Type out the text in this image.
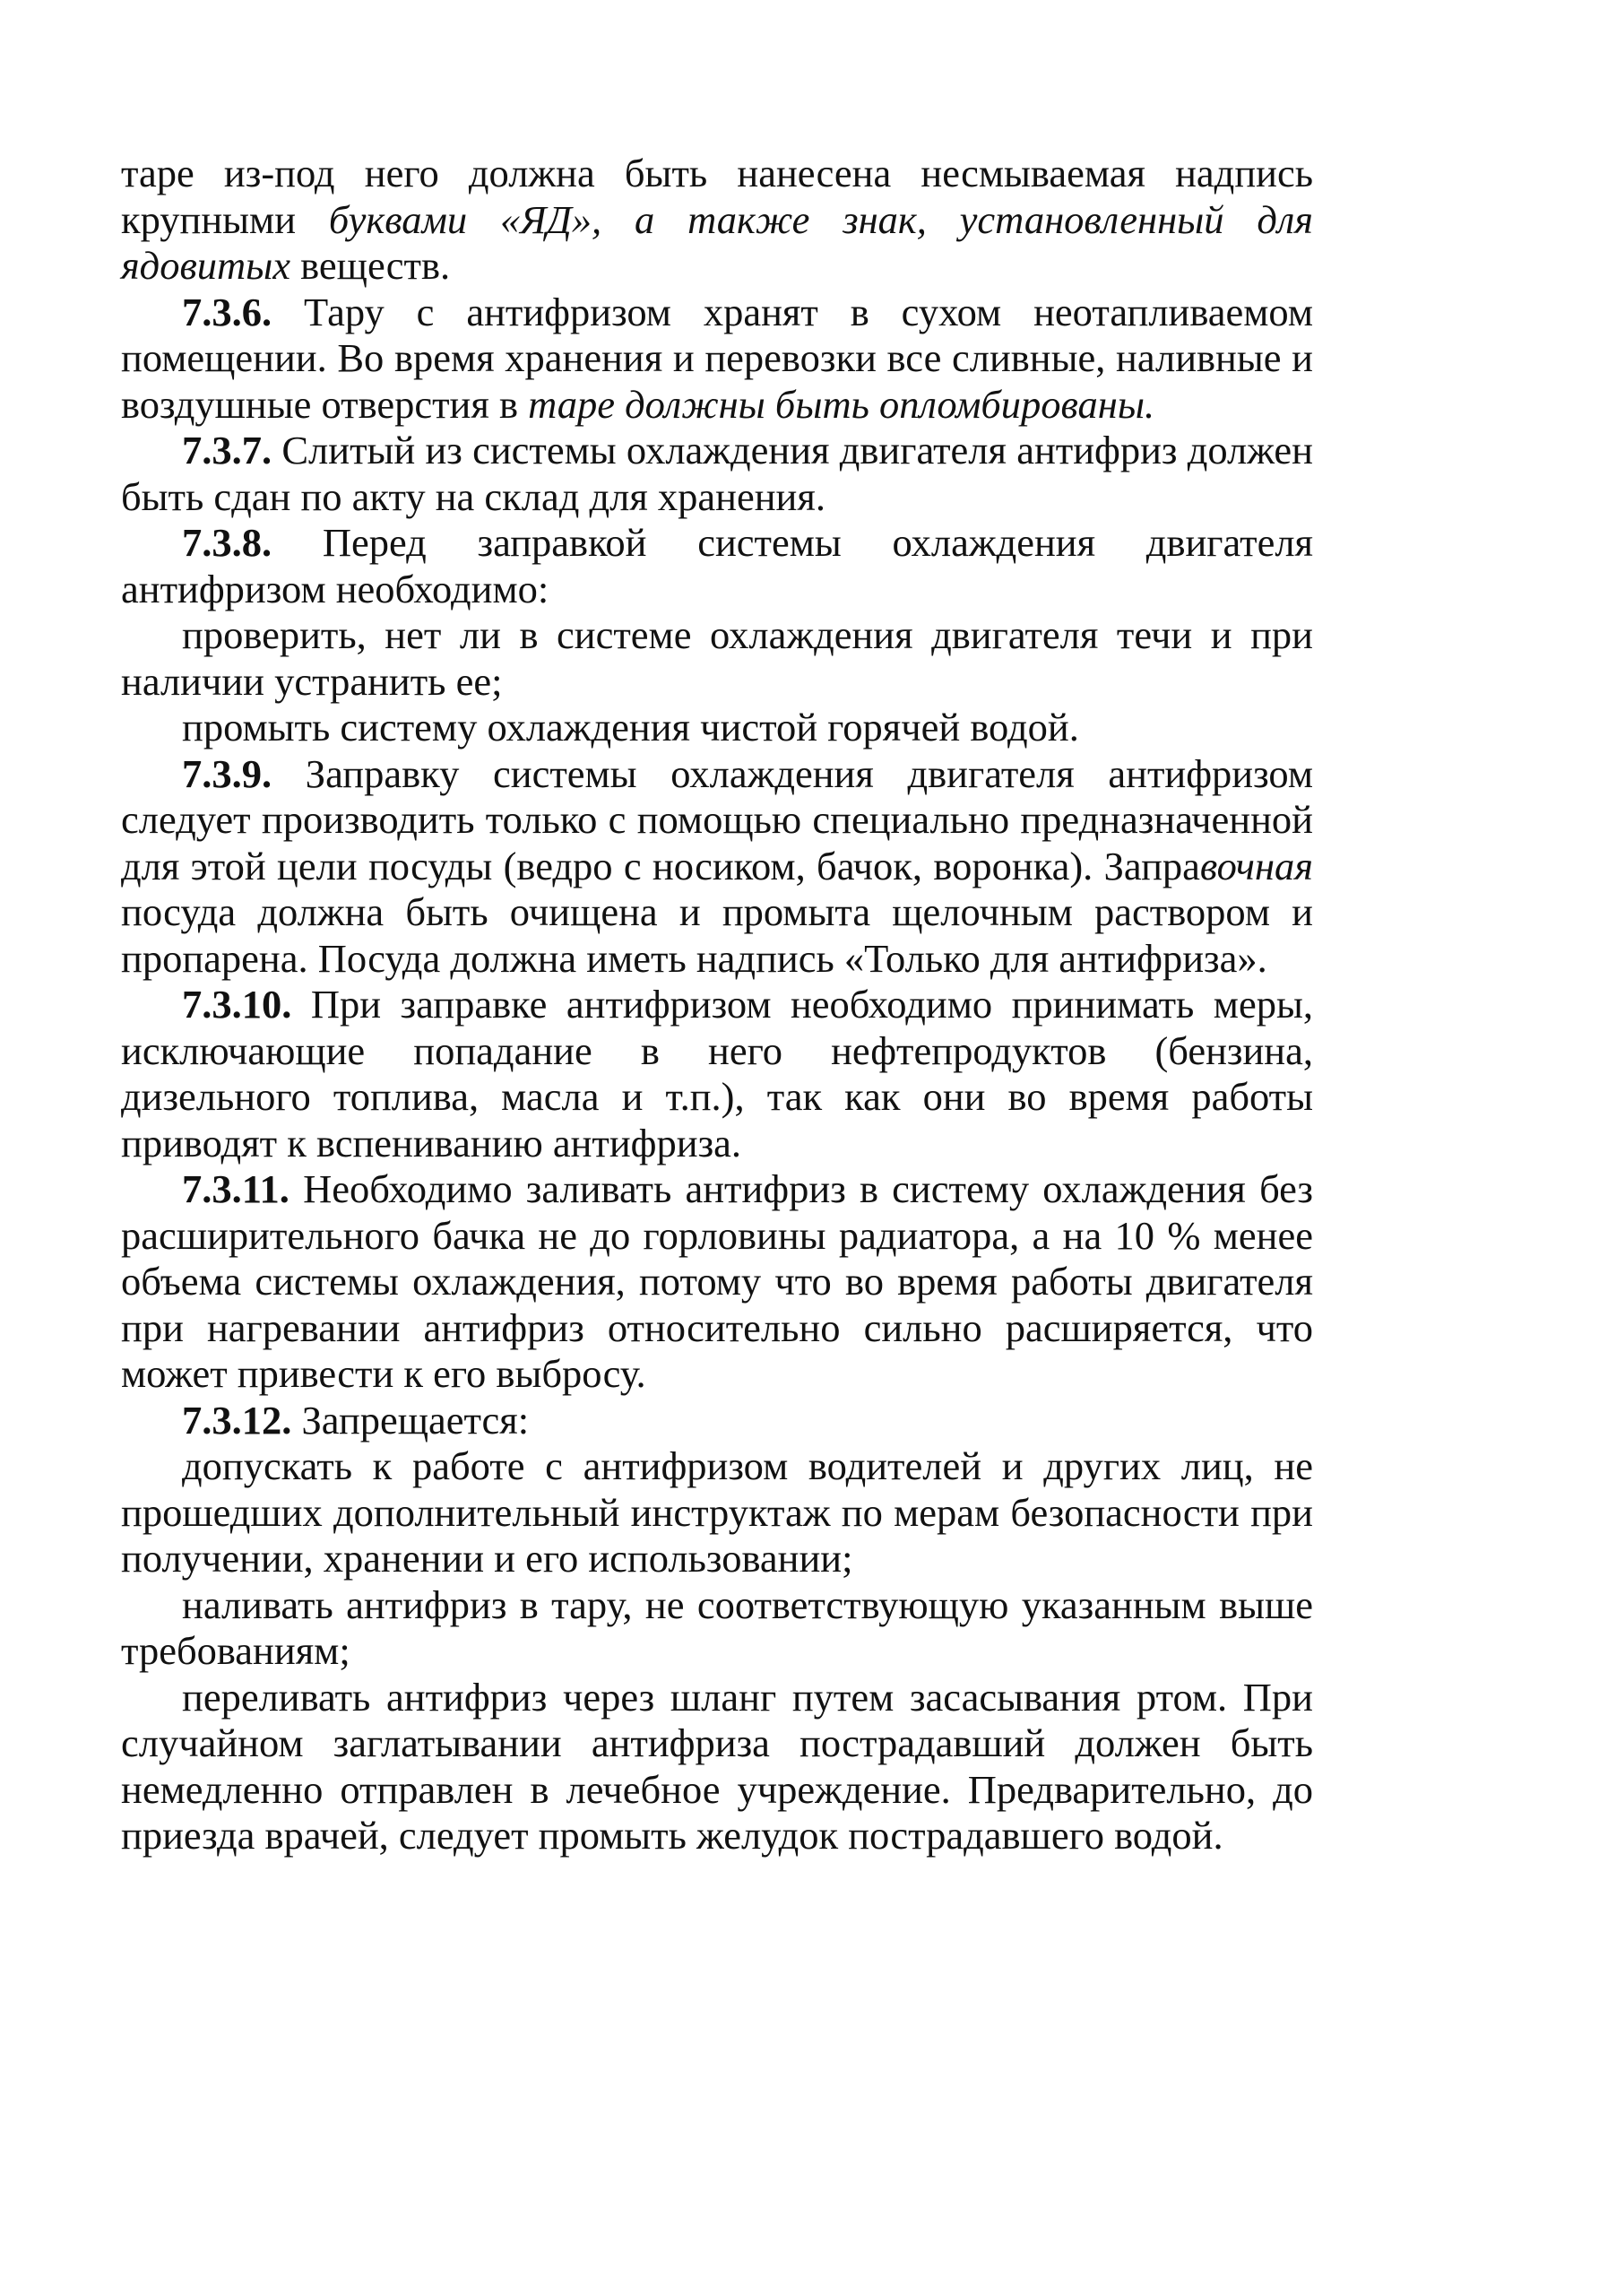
таре из-под него должна быть нанесена несмываемая надпись крупными буквами «ЯД», а также знак, установленный для ядовитых веществ.

7.3.6. Тару с антифризом хранят в сухом неотапливаемом помещении. Во время хранения и перевозки все сливные, наливные и воздушные отверстия в таре должны быть опломбированы.

7.3.7. Слитый из системы охлаждения двигателя антифриз должен быть сдан по акту на склад для хранения.

7.3.8. Перед заправкой системы охлаждения двигателя антифризом необходимо:

проверить, нет ли в системе охлаждения двигателя течи и при наличии устранить ее;

промыть систему охлаждения чистой горячей водой.

7.3.9. Заправку системы охлаждения двигателя антифризом следует производить только с помощью специально предназначенной для этой цели посуды (ведро с носиком, бачок, воронка). Заправочная посуда должна быть очищена и промыта щелочным раствором и пропарена. Посуда должна иметь надпись «Только для антифриза».

7.3.10. При заправке антифризом необходимо принимать меры, исключающие попадание в него нефтепродуктов (бензина, дизельного топлива, масла и т.п.), так как они во время работы приводят к вспениванию антифриза.

7.3.11. Необходимо заливать антифриз в систему охлаждения без расширительного бачка не до горловины радиатора, а на 10 % менее объема системы охлаждения, потому что во время работы двигателя при нагревании антифриз относительно сильно расширяется, что может привести к его выбросу.

7.3.12. Запрещается:

допускать к работе с антифризом водителей и других лиц, не прошедших дополнительный инструктаж по мерам безопасности при получении, хранении и его использовании;

наливать антифриз в тару, не соответствующую указанным выше требованиям;

переливать антифриз через шланг путем засасывания ртом. При случайном заглатывании антифриза пострадавший должен быть немедленно отправлен в лечебное учреждение. Предварительно, до приезда врачей, следует промыть желудок пострадавшего водой.
